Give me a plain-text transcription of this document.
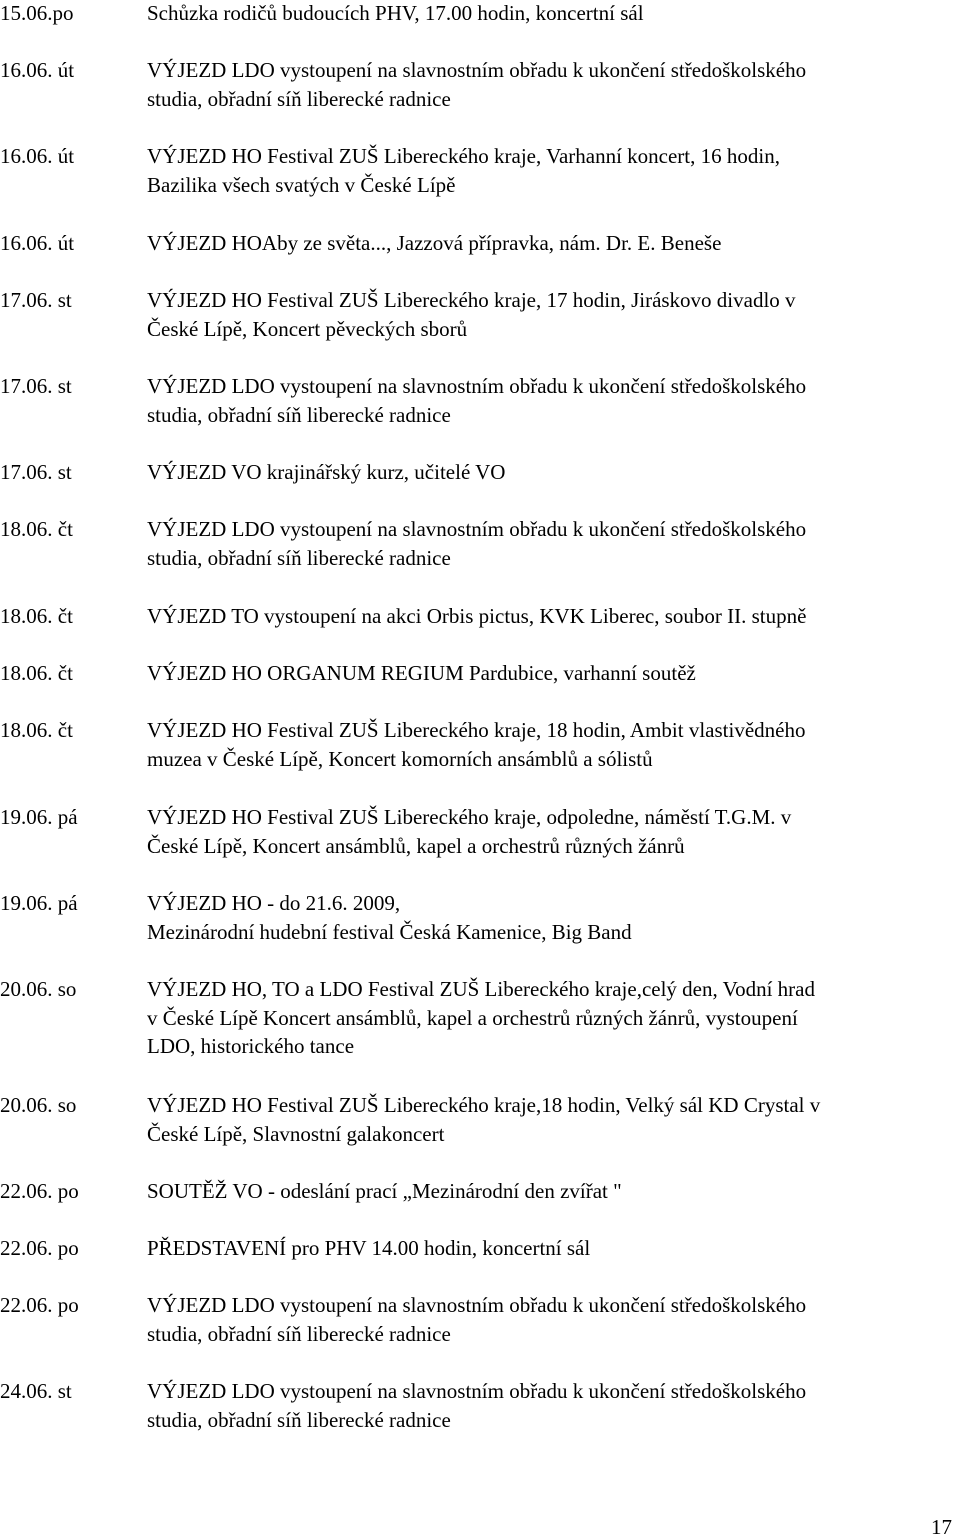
15.06.po	Schůzka rodičů budoucích PHV, 17.00 hodin, koncertní sál
16.06. út	VÝJEZD LDO vystoupení na slavnostním obřadu k ukončení středoškolského
studia, obřadní síň liberecké radnice
16.06. út	VÝJEZD HO Festival ZUŠ Libereckého kraje, Varhanní koncert, 16 hodin,
Bazilika všech svatých v České Lípě
16.06. út	VÝJEZD HOAby ze světa..., Jazzová přípravka, nám. Dr. E. Beneše
17.06. st	VÝJEZD HO Festival ZUŠ Libereckého kraje, 17 hodin, Jiráskovo divadlo v
České Lípě, Koncert pěveckých sborů
17.06. st	VÝJEZD LDO vystoupení na slavnostním obřadu k ukončení středoškolského
studia, obřadní síň liberecké radnice
17.06. st	VÝJEZD VO krajinářský kurz, učitelé VO
18.06. čt	VÝJEZD LDO vystoupení na slavnostním obřadu k ukončení středoškolského
studia, obřadní síň liberecké radnice
18.06. čt	VÝJEZD TO vystoupení na akci Orbis pictus, KVK Liberec, soubor II. stupně
18.06. čt	VÝJEZD HO ORGANUM REGIUM Pardubice, varhanní soutěž
18.06. čt	VÝJEZD HO Festival ZUŠ Libereckého kraje, 18 hodin, Ambit vlastivědného
muzea v České Lípě, Koncert komorních ansámblů a sólistů
19.06. pá	VÝJEZD HO Festival ZUŠ Libereckého kraje, odpoledne, náměstí T.G.M. v
České Lípě, Koncert ansámblů, kapel a orchestrů různých žánrů
19.06. pá	VÝJEZD HO - do 21.6. 2009,
Mezinárodní hudební festival Česká Kamenice, Big Band
20.06. so	VÝJEZD HO, TO a LDO Festival ZUŠ Libereckého kraje,celý den, Vodní hrad
v České Lípě Koncert ansámblů, kapel a orchestrů různých žánrů, vystoupení
LDO, historického tance
20.06. so	VÝJEZD HO Festival ZUŠ Libereckého kraje,18 hodin, Velký sál KD Crystal v
České Lípě, Slavnostní galakoncert
22.06. po	SOUTĚŽ VO - odeslání prací „Mezinárodní den zvířat "
22.06. po	PŘEDSTAVENÍ pro PHV 14.00 hodin, koncertní sál
22.06. po	VÝJEZD LDO vystoupení na slavnostním obřadu k ukončení středoškolského
studia, obřadní síň liberecké radnice
24.06. st	VÝJEZD LDO vystoupení na slavnostním obřadu k ukončení středoškolského
studia, obřadní síň liberecké radnice
17
